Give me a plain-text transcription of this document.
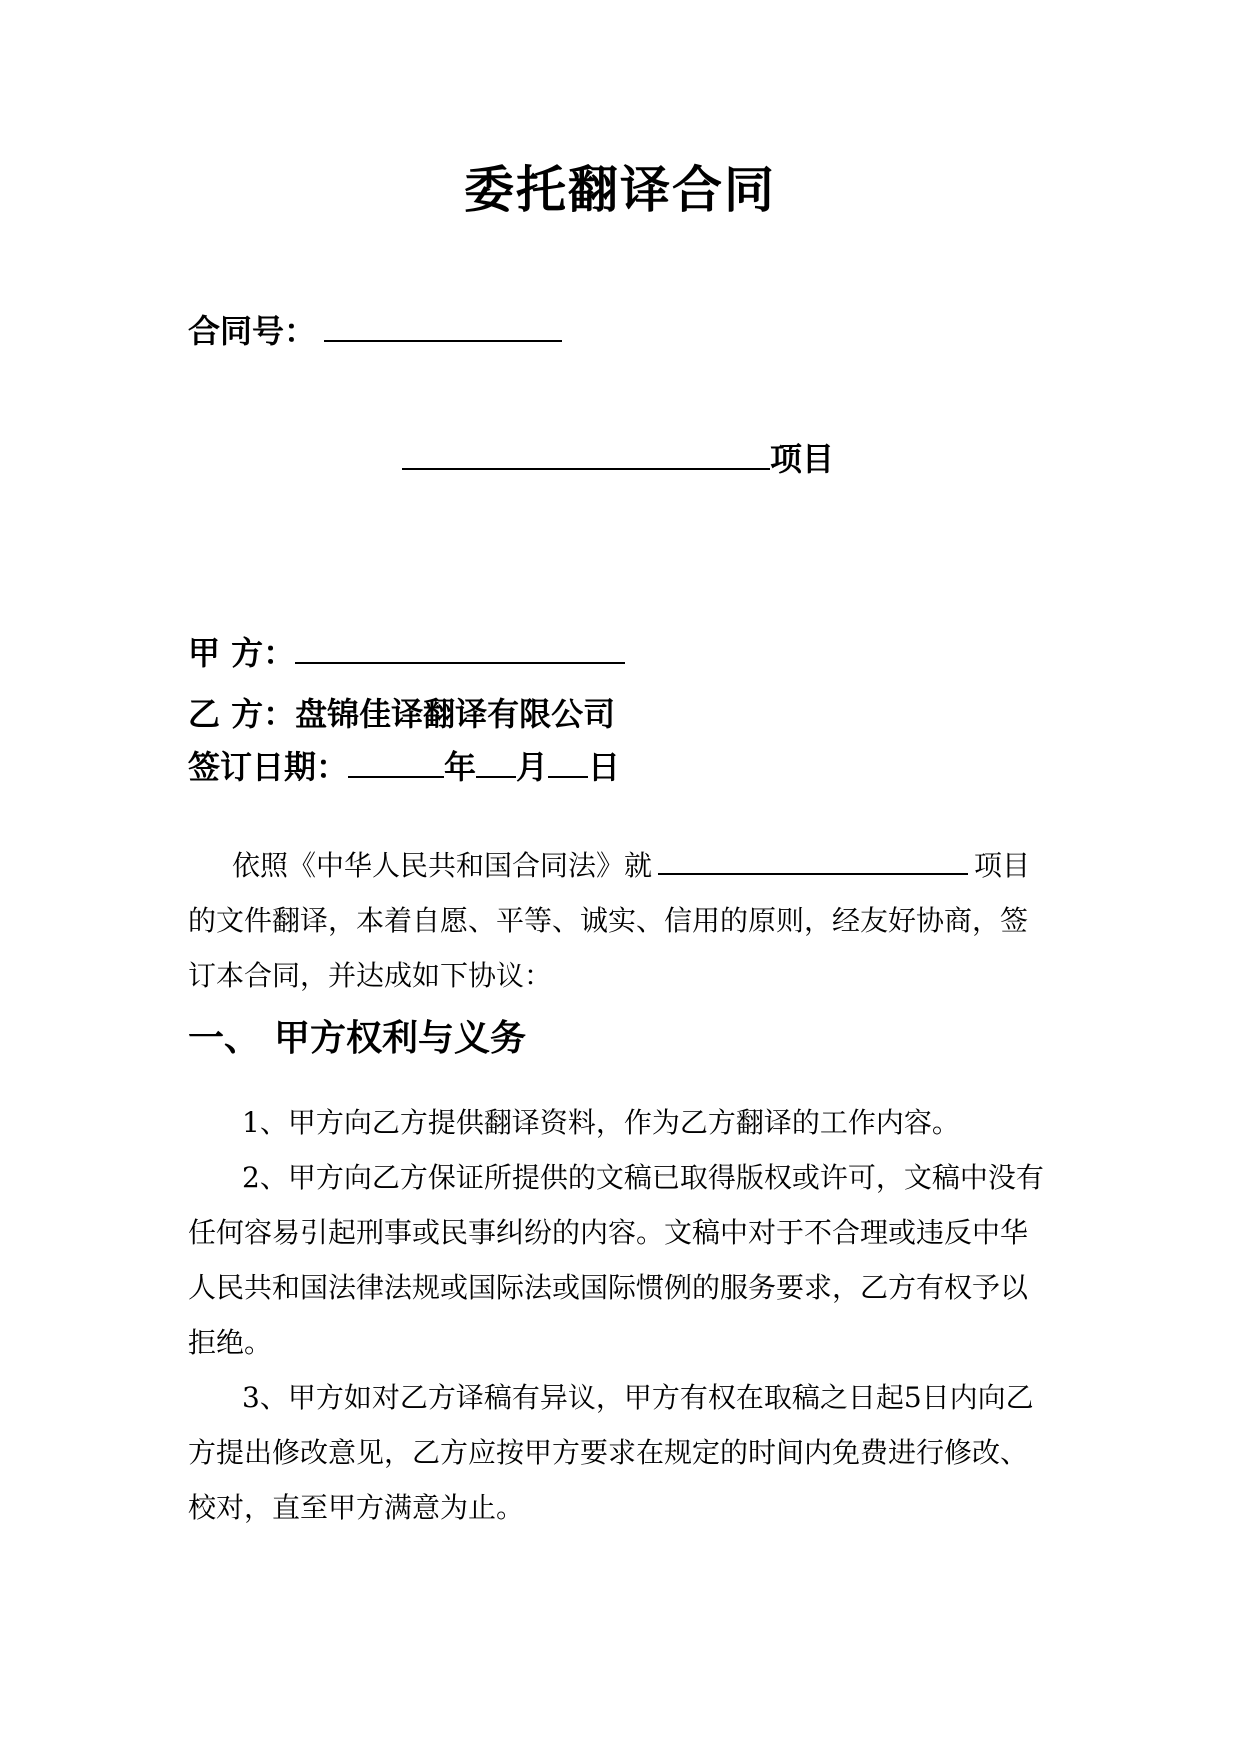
委托翻译合同
合同号：
项目
甲 方：
乙 方：盘锦佳译翻译有限公司
签订日期：	年 月 日
依照《中华人民共和国合同法》就	项目的文件翻译，本着自愿、平等、诚实、信用的原则，经友好协商，签订本合同，并达成如下协议：
一、 甲方权利与义务
1、甲方向乙方提供翻译资料，作为乙方翻译的工作内容。
2、甲方向乙方保证所提供的文稿已取得版权或许可，文稿中没有任何容易引起刑事或民事纠纷的内容。文稿中对于不合理或违反中华人民共和国法律法规或国际法或国际惯例的服务要求，乙方有权予以拒绝。
3、甲方如对乙方译稿有异议，甲方有权在取稿之日起5日内向乙方提出修改意见，乙方应按甲方要求在规定的时间内免费进行修改、校对，直至甲方满意为止。
